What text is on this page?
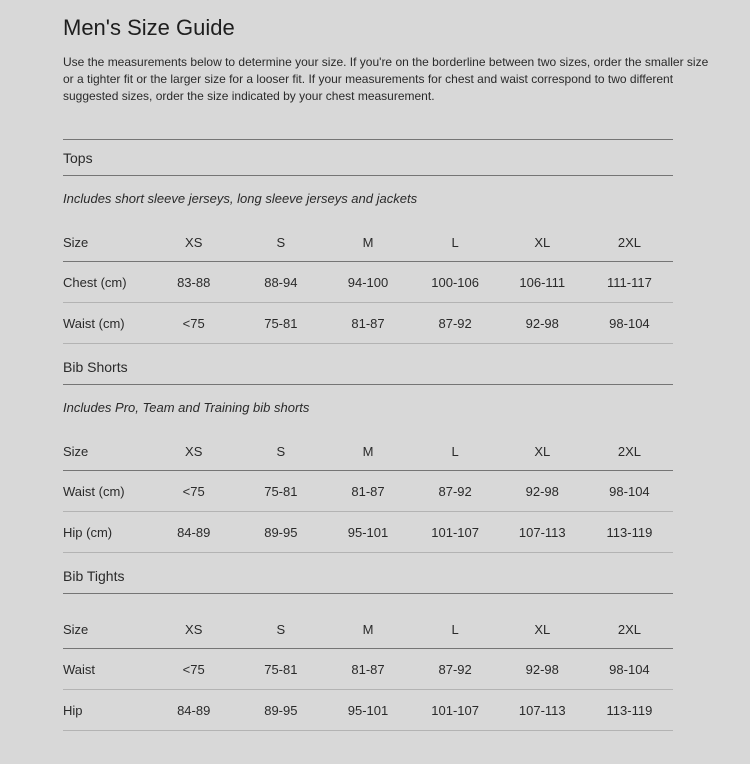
Men's Size Guide
Use the measurements below to determine your size. If you're on the borderline between two sizes, order the smaller size
or a tighter fit or the larger size for a looser fit. If your measurements for chest and waist correspond to two different
suggested sizes, order the size indicated by your chest measurement.
Tops

Includes short sleeve jerseys, long sleeve jerseys and jackets

Size	XS	S	M	L	XL	2XL
Chest (cm)	83-88	88-94	94-100	100-106	106-111	111-117
Waist (cm)	<75	75-81	81-87	87-92	92-98	98-104
Bib Shorts

Includes Pro, Team and Training bib shorts

Size	XS	S	M	L	XL	2XL
Waist (cm)	<75	75-81	81-87	87-92	92-98	98-104
Hip (cm)	84-89	89-95	95-101	101-107	107-113	113-119
Bib Tights
Size	XS	S	M	L	XL	2XL
Waist	<75	75-81	81-87	87-92	92-98	98-104
Hip	84-89	89-95	95-101	101-107	107-113	113-119
